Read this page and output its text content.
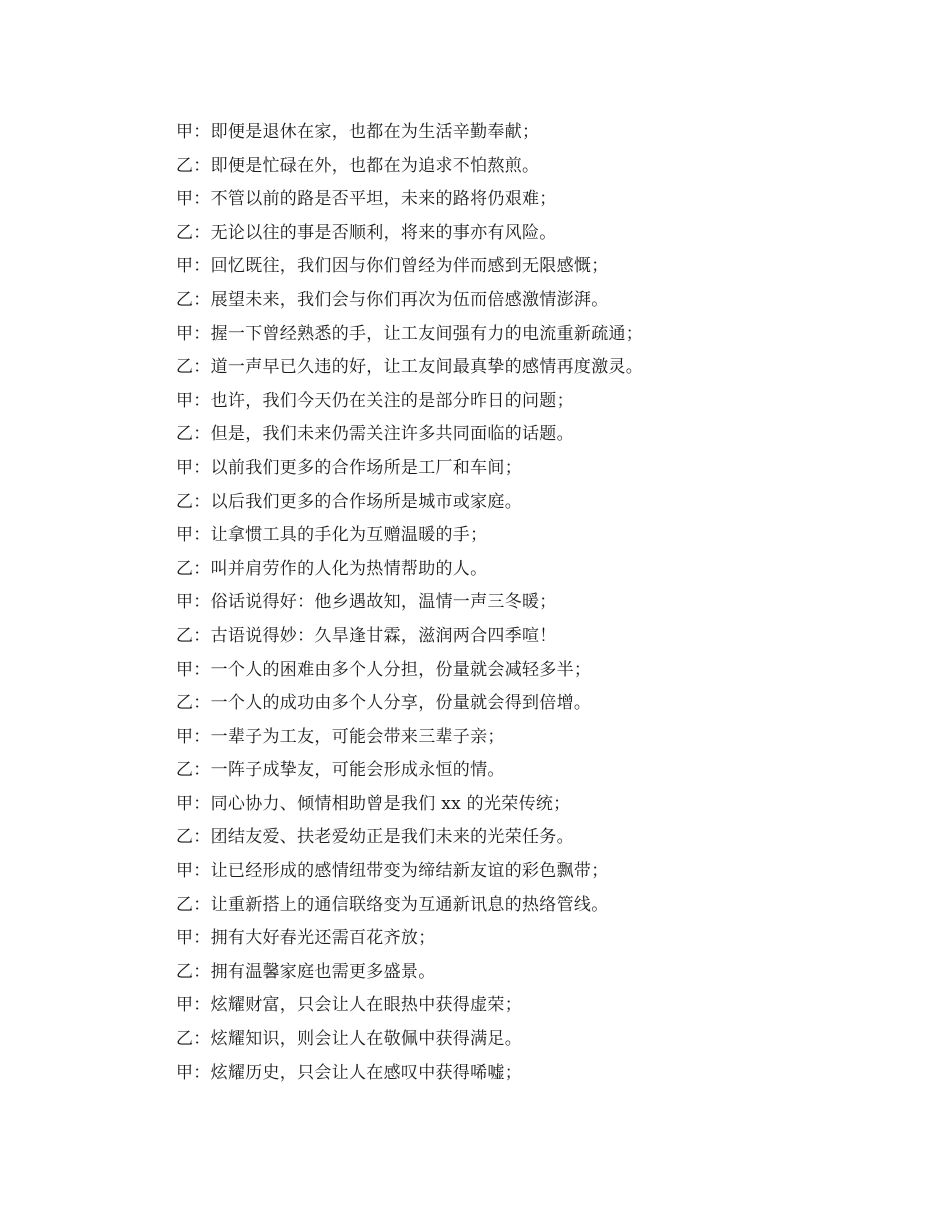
甲：即便是退休在家，也都在为生活辛勤奉献；
乙：即便是忙碌在外，也都在为追求不怕熬煎。
甲：不管以前的路是否平坦，未来的路将仍艰难；
乙：无论以往的事是否顺利，将来的事亦有风险。
甲：回忆既往，我们因与你们曾经为伴而感到无限感慨；
乙：展望未来，我们会与你们再次为伍而倍感激情澎湃。
甲：握一下曾经熟悉的手，让工友间强有力的电流重新疏通；
乙：道一声早已久违的好，让工友间最真挚的感情再度激灵。
甲：也许，我们今天仍在关注的是部分昨日的问题；
乙：但是，我们未来仍需关注许多共同面临的话题。
甲：以前我们更多的合作场所是工厂和车间；
乙：以后我们更多的合作场所是城市或家庭。
甲：让拿惯工具的手化为互赠温暖的手；
乙：叫并肩劳作的人化为热情帮助的人。
甲：俗话说得好：他乡遇故知，温情一声三冬暖；
乙：古语说得妙：久旱逢甘霖，滋润两合四季喧！
甲：一个人的困难由多个人分担，份量就会减轻多半；
乙：一个人的成功由多个人分享，份量就会得到倍增。
甲：一辈子为工友，可能会带来三辈子亲；
乙：一阵子成挚友，可能会形成永恒的情。
甲：同心协力、倾情相助曾是我们 xx 的光荣传统；
乙：团结友爱、扶老爱幼正是我们未来的光荣任务。
甲：让已经形成的感情纽带变为缔结新友谊的彩色飘带；
乙：让重新搭上的通信联络变为互通新讯息的热络管线。
甲：拥有大好春光还需百花齐放；
乙：拥有温馨家庭也需更多盛景。
甲：炫耀财富，只会让人在眼热中获得虚荣；
乙：炫耀知识，则会让人在敬佩中获得满足。
甲：炫耀历史，只会让人在感叹中获得唏嘘；
